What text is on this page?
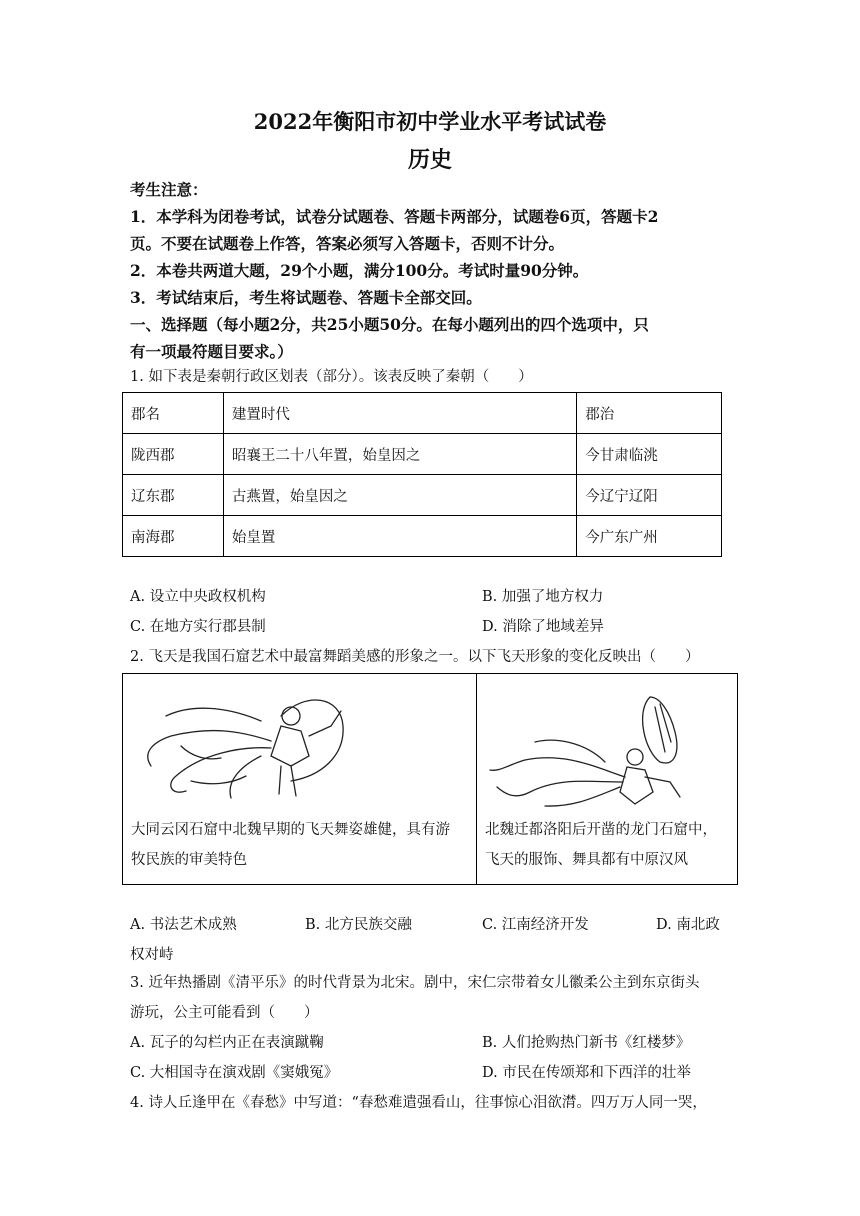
2022年衡阳市初中学业水平考试试卷
历史
考生注意：
1．本学科为闭卷考试，试卷分试题卷、答题卡两部分，试题卷6页，答题卡2
页。不要在试题卷上作答，答案必须写入答题卡，否则不计分。
2．本卷共两道大题，29个小题，满分100分。考试时量90分钟。
3．考试结束后，考生将试题卷、答题卡全部交回。
一、选择题（每小题2分，共25小题50分。在每小题列出的四个选项中，只
有一项最符题目要求。）
1. 如下表是秦朝行政区划表（部分）。该表反映了秦朝（　　）
郡名	建置时代	郡治
陇西郡	昭襄王二十八年置，始皇因之	今甘肃临洮
辽东郡	古燕置，始皇因之	今辽宁辽阳
南海郡	始皇置	今广东广州
A. 设立中央政权机构	B. 加强了地方权力
C. 在地方实行郡县制	D. 消除了地域差异
2. 飞天是我国石窟艺术中最富舞蹈美感的形象之一。以下飞天形象的变化反映出（　　）
大同云冈石窟中北魏早期的飞天舞姿雄健，具有游
牧民族的审美特色
北魏迁都洛阳后开凿的龙门石窟中，
飞天的服饰、舞具都有中原汉风
A. 书法艺术成熟	B. 北方民族交融	C. 江南经济开发	D. 南北政
权对峙
3. 近年热播剧《清平乐》的时代背景为北宋。剧中，宋仁宗带着女儿徽柔公主到东京街头
游玩，公主可能看到（　　）
A. 瓦子的勾栏内正在表演蹴鞠	B. 人们抢购热门新书《红楼梦》
C. 大相国寺在演戏剧《窦娥冤》	D. 市民在传颂郑和下西洋的壮举
4. 诗人丘逢甲在《春愁》中写道：“春愁难遣强看山，往事惊心泪欲潸。四万万人同一哭，
